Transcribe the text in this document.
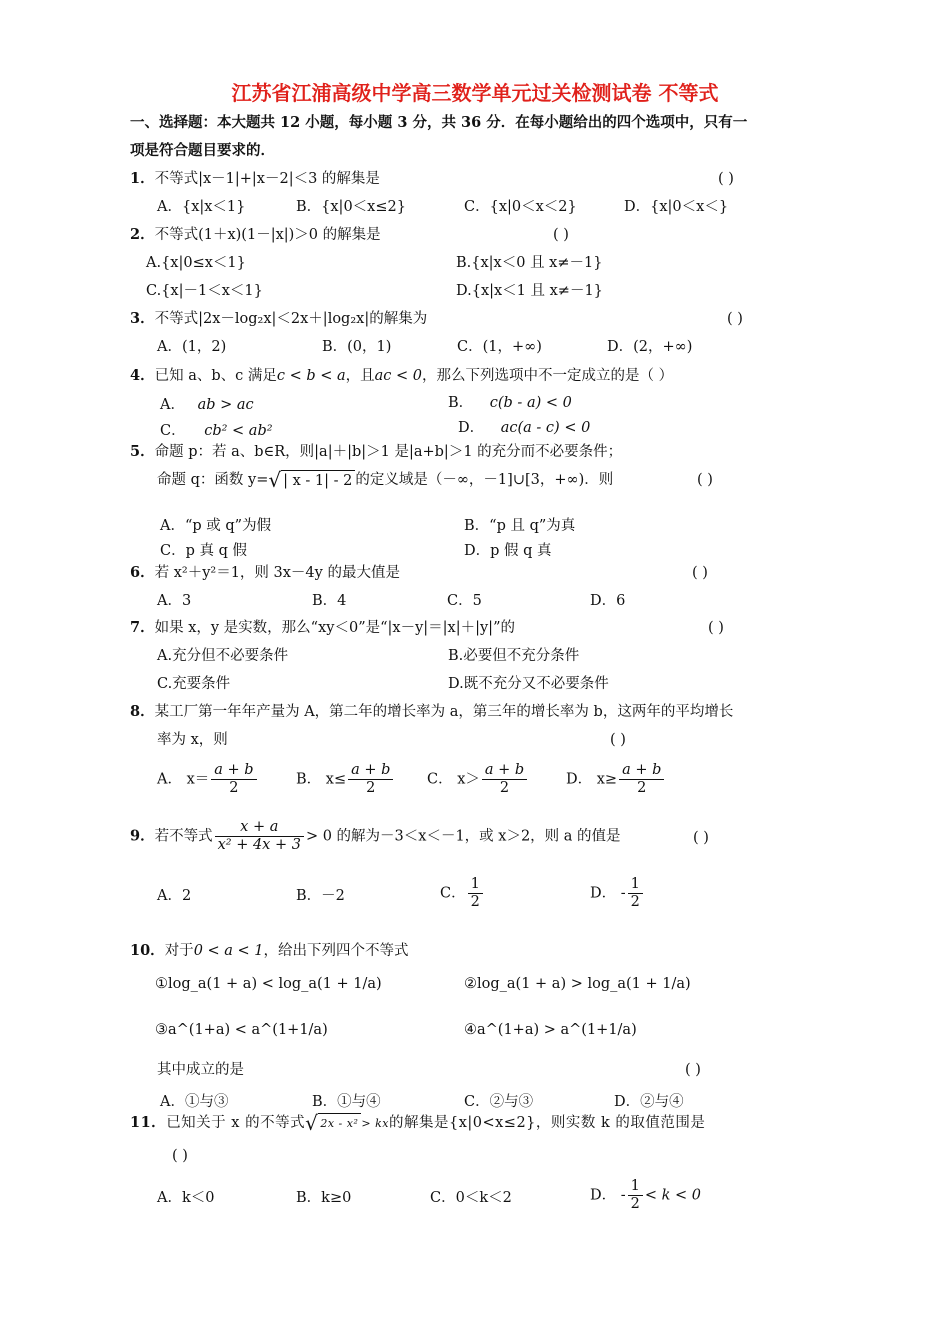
江苏省江浦高级中学高三数学单元过关检测试卷 不等式
一、选择题：本大题共 12 小题，每小题 3 分，共 36 分．在每小题给出的四个选项中，只有一
项是符合题目要求的．
1．不等式|x－1|+|x－2|＜3 的解集是	( )
A．{x|x＜1}	B．{x|0＜x≤2}	C．{x|0＜x＜2}	D．{x|0＜x＜}
2．不等式(1＋x)(1－|x|)＞0 的解集是	( )
A.{x|0≤x＜1}	B.{x|x＜0 且 x≠－1}
C.{x|－1＜x＜1}	D.{x|x＜1 且 x≠－1}
3．不等式|2x－log₂x|＜2x＋|log₂x|的解集为	( )
A．(1，2)	B．(0，1)	C．(1，+∞)	D．(2，+∞)
4．已知 a、b、c 满足c < b < a，且ac < 0，那么下列选项中不一定成立的是（ ）
A． ab > ac	B． c(b - a) < 0
C． cb² < ab²	D． ac(a - c) < 0
5．命题 p：若 a、b∈R，则|a|＋|b|＞1 是|a+b|＞1 的充分而不必要条件；
命题 q：函数 y=√ | x - 1| - 2 的定义域是（－∞，－1]∪[3，+∞)．则	( )
A．“p 或 q”为假	B．“p 且 q”为真
C．p 真 q 假	D．p 假 q 真
6．若 x²＋y²＝1，则 3x－4y 的最大值是	( )
A．3	B．4	C．5	D．6
7．如果 x，y 是实数，那么“xy＜0”是“|x－y|＝|x|＋|y|”的	( )
A.充分但不必要条件	B.必要但不充分条件
C.充要条件	D.既不充分又不必要条件
8．某工厂第一年年产量为 A，第二年的增长率为 a，第三年的增长率为 b，这两年的平均增长
率为 x，则	( )
A． $x= \frac{a + b}{2}$	B． $x\le \frac{a + b}{2}$ C． $x> \frac{a + b}{2}$	D． $x\ge \frac{a + b}{2}$
9．若不等式 $\frac{x + a}{\text{x² + 4x + 3}} > 0$ 的解为－3＜x＜－1，或 x＞2，则 a 的值是	( )
A．2	B．－2	C． $\frac{1}{2}$	D． - $\frac{1}{2}$
10．对于0 < a < 1，给出下列四个不等式
①log_a(1 + a) < log_a(1 + 1/a)	②log_a(1 + a) > log_a(1 + 1/a)
③a^(1+a) < a^(1+1/a)	④a^(1+a) > a^(1+1/a)
其中成立的是	( )
A．①与③	B．①与④	C．②与③	D．②与④
11．已知关于 x 的不等式√ 2x - x² > kx的解集是{x|0<x≤2}，则实数 k 的取值范围是
( )
A．k＜0	B．k≥0	C．0＜k＜2	D． - $\frac{1}{2} < k < 0$
